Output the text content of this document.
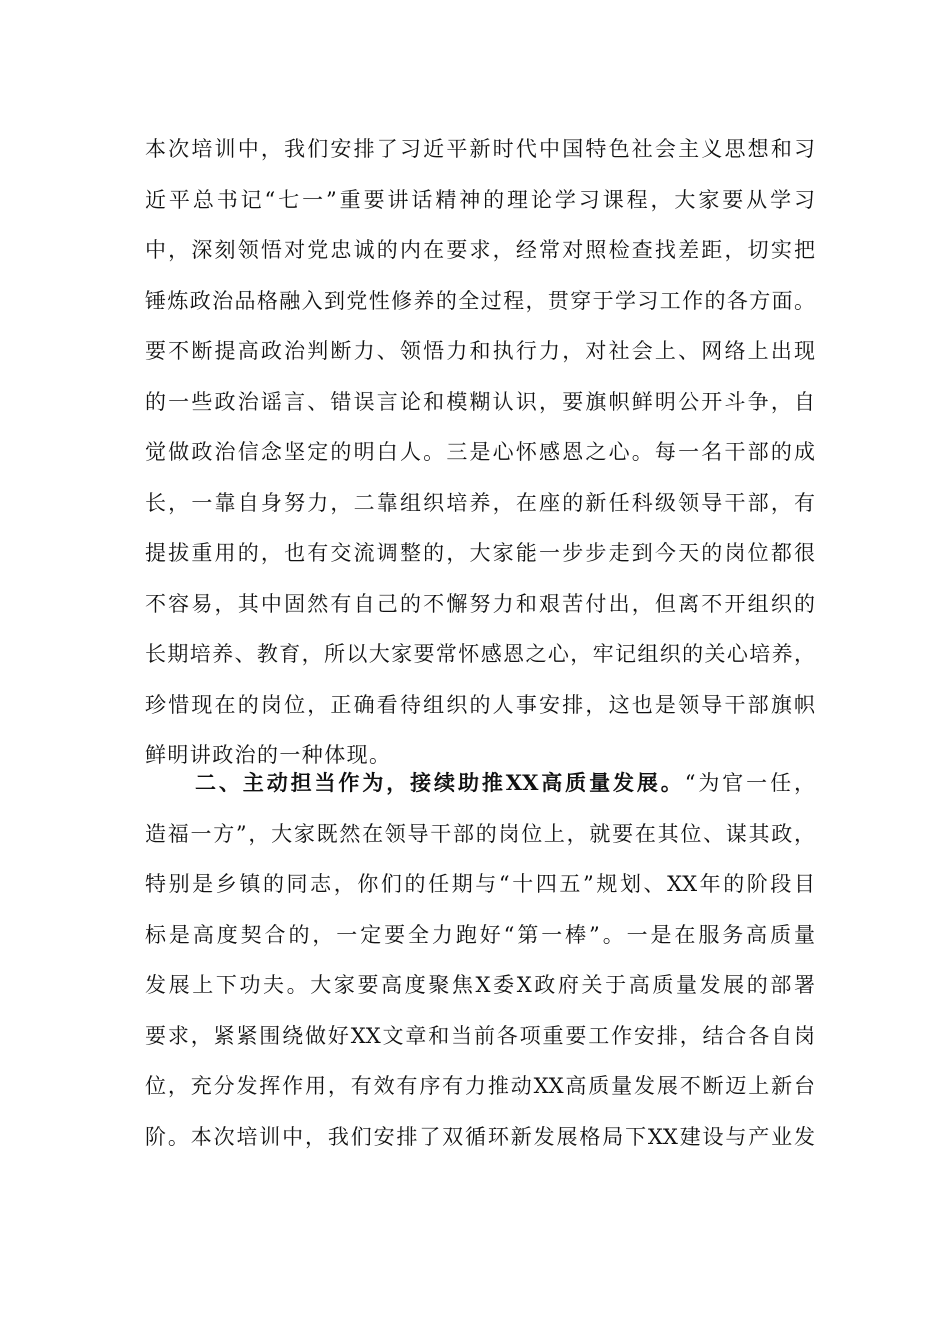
本次培训中，我们安排了习近平新时代中国特色社会主义思想和习
近平总书记“七一”重要讲话精神的理论学习课程，大家要从学习
中，深刻领悟对党忠诚的内在要求，经常对照检查找差距，切实把
锤炼政治品格融入到党性修养的全过程，贯穿于学习工作的各方面。
要不断提高政治判断力、领悟力和执行力，对社会上、网络上出现
的一些政治谣言、错误言论和模糊认识，要旗帜鲜明公开斗争，自
觉做政治信念坚定的明白人。三是心怀感恩之心。每一名干部的成
长，一靠自身努力，二靠组织培养，在座的新任科级领导干部，有
提拔重用的，也有交流调整的，大家能一步步走到今天的岗位都很
不容易，其中固然有自己的不懈努力和艰苦付出，但离不开组织的
长期培养、教育，所以大家要常怀感恩之心，牢记组织的关心培养，
珍惜现在的岗位，正确看待组织的人事安排，这也是领导干部旗帜
鲜明讲政治的一种体现。
二、主动担当作为，接续助推XX高质量发展。“为官一任，
造福一方”，大家既然在领导干部的岗位上，就要在其位、谋其政，
特别是乡镇的同志，你们的任期与“十四五”规划、XX年的阶段目
标是高度契合的，一定要全力跑好“第一棒”。一是在服务高质量
发展上下功夫。大家要高度聚焦X委X政府关于高质量发展的部署
要求，紧紧围绕做好XX文章和当前各项重要工作安排，结合各自岗
位，充分发挥作用，有效有序有力推动XX高质量发展不断迈上新台
阶。本次培训中，我们安排了双循环新发展格局下XX建设与产业发
